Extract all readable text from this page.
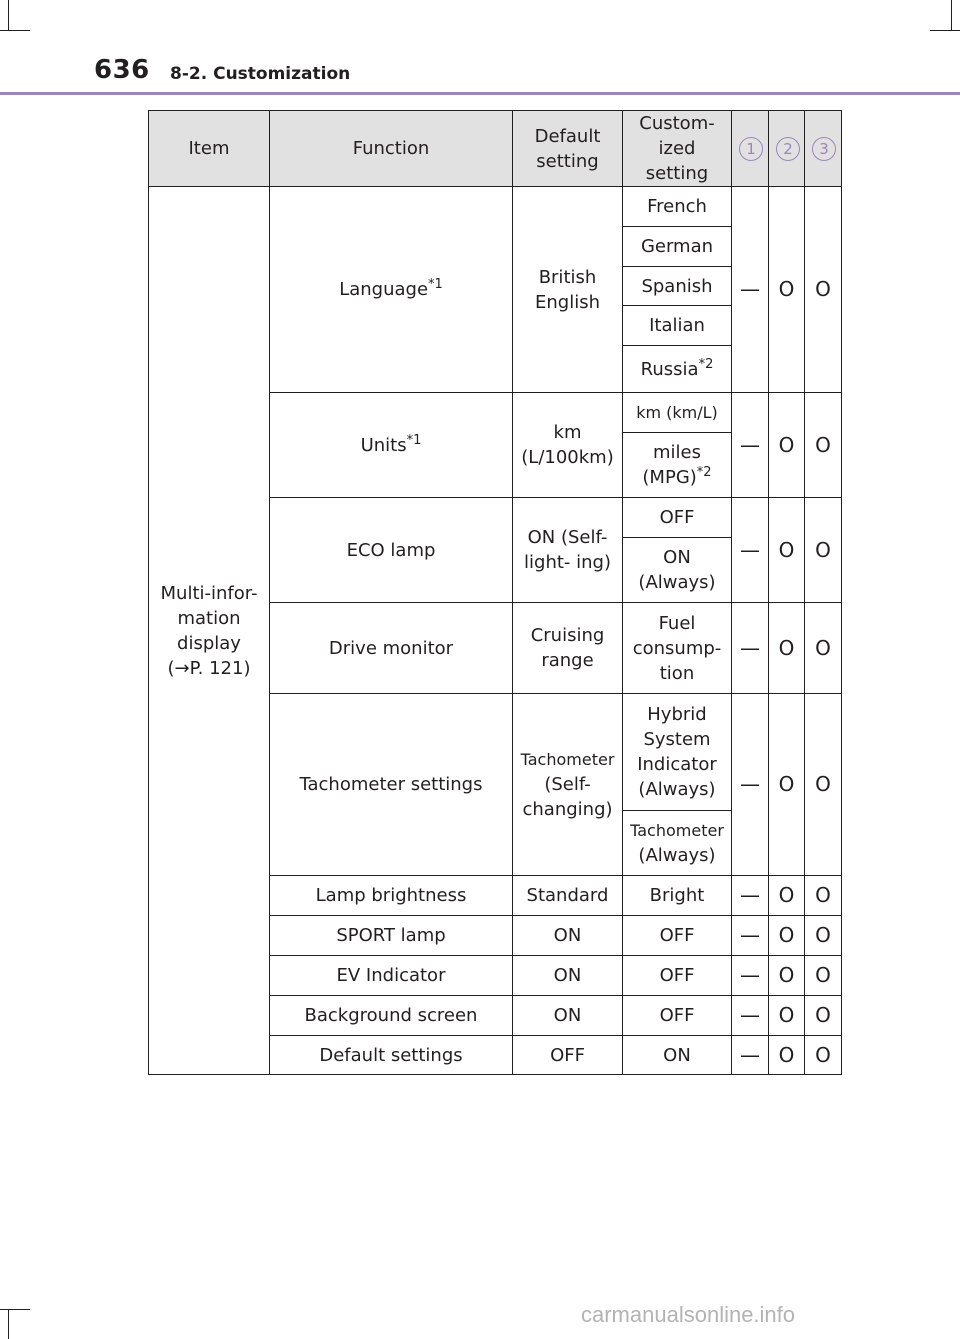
636 8-2. Customization
Item	Function	Default setting	Custom- ized setting	1	2	3

Multi-infor-
mation
display
(→P. 121)	Language$^{*1}$	British English	French	—	O	O
			German			
			Spanish			
			Italian			
			Russia$^{*2}$
	Units$^{*1}$	km (L/100km)	km (km/L)	—	O	O
			miles (MPG)$^{*2}$
	ECO lamp	ON (Self-light- ing)	OFF	—	O	O
			ON (Always)			
	Drive monitor	Cruising range	Fuel consump- tion	—	O	O
	Tachometer settings	Tachometer (Self- changing)	Hybrid System Indicator (Always)	—	O	O
			Tachometer (Always)			
	Lamp brightness	Standard	Bright	—	O	O
	SPORT lamp	ON	OFF	—	O	O
	EV Indicator	ON	OFF	—	O	O
	Background screen	ON	OFF	—	O	O
	Default settings	OFF	ON	—	O	O
carmanualsonline.info
